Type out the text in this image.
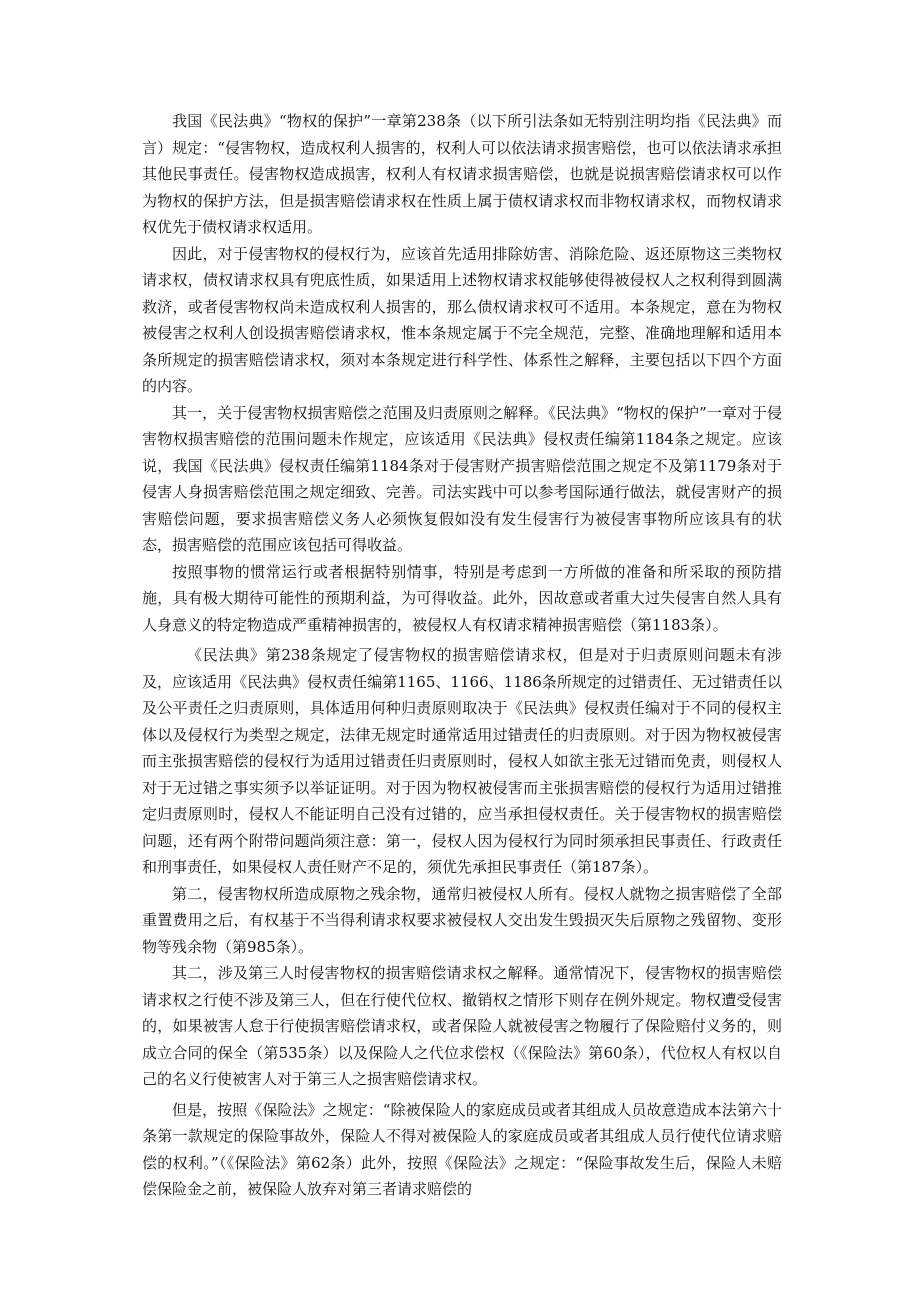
我国《民法典》“物权的保护”一章第238条（以下所引法条如无特别注明均指《民法典》而言）规定：“侵害物权，造成权利人损害的，权利人可以依法请求损害赔偿，也可以依法请求承担其他民事责任。侵害物权造成损害，权利人有权请求损害赔偿，也就是说损害赔偿请求权可以作为物权的保护方法，但是损害赔偿请求权在性质上属于债权请求权而非物权请求权，而物权请求权优先于债权请求权适用。

因此，对于侵害物权的侵权行为，应该首先适用排除妨害、消除危险、返还原物这三类物权请求权，债权请求权具有兜底性质，如果适用上述物权请求权能够使得被侵权人之权利得到圆满救济，或者侵害物权尚未造成权利人损害的，那么债权请求权可不适用。本条规定，意在为物权被侵害之权利人创设损害赔偿请求权，惟本条规定属于不完全规范，完整、准确地理解和适用本条所规定的损害赔偿请求权，须对本条规定进行科学性、体系性之解释，主要包括以下四个方面的内容。

其一，关于侵害物权损害赔偿之范围及归责原则之解释。《民法典》“物权的保护”一章对于侵害物权损害赔偿的范围问题未作规定，应该适用《民法典》侵权责任编第1184条之规定。应该说，我国《民法典》侵权责任编第1184条对于侵害财产损害赔偿范围之规定不及第1179条对于侵害人身损害赔偿范围之规定细致、完善。司法实践中可以参考国际通行做法，就侵害财产的损害赔偿问题，要求损害赔偿义务人必须恢复假如没有发生侵害行为被侵害事物所应该具有的状态，损害赔偿的范围应该包括可得收益。

按照事物的惯常运行或者根据特别情事，特别是考虑到一方所做的准备和所采取的预防措施，具有极大期待可能性的预期利益，为可得收益。此外，因故意或者重大过失侵害自然人具有人身意义的特定物造成严重精神损害的，被侵权人有权请求精神损害赔偿（第1183条）。

《民法典》第238条规定了侵害物权的损害赔偿请求权，但是对于归责原则问题未有涉及，应该适用《民法典》侵权责任编第1165、1166、1186条所规定的过错责任、无过错责任以及公平责任之归责原则，具体适用何种归责原则取决于《民法典》侵权责任编对于不同的侵权主体以及侵权行为类型之规定，法律无规定时通常适用过错责任的归责原则。对于因为物权被侵害而主张损害赔偿的侵权行为适用过错责任归责原则时，侵权人如欲主张无过错而免责，则侵权人对于无过错之事实须予以举证证明。对于因为物权被侵害而主张损害赔偿的侵权行为适用过错推定归责原则时，侵权人不能证明自己没有过错的，应当承担侵权责任。关于侵害物权的损害赔偿问题，还有两个附带问题尚须注意：第一，侵权人因为侵权行为同时须承担民事责任、行政责任和刑事责任，如果侵权人责任财产不足的，须优先承担民事责任（第187条）。

第二，侵害物权所造成原物之残余物，通常归被侵权人所有。侵权人就物之损害赔偿了全部重置费用之后，有权基于不当得利请求权要求被侵权人交出发生毁损灭失后原物之残留物、变形物等残余物（第985条）。

其二，涉及第三人时侵害物权的损害赔偿请求权之解释。通常情况下，侵害物权的损害赔偿请求权之行使不涉及第三人，但在行使代位权、撤销权之情形下则存在例外规定。物权遭受侵害的，如果被害人怠于行使损害赔偿请求权，或者保险人就被侵害之物履行了保险赔付义务的，则成立合同的保全（第535条）以及保险人之代位求偿权（《保险法》第60条），代位权人有权以自己的名义行使被害人对于第三人之损害赔偿请求权。

但是，按照《保险法》之规定：“除被保险人的家庭成员或者其组成人员故意造成本法第六十条第一款规定的保险事故外，保险人不得对被保险人的家庭成员或者其组成人员行使代位请求赔偿的权利。”（《保险法》第62条）此外，按照《保险法》之规定：“保险事故发生后，保险人未赔偿保险金之前，被保险人放弃对第三者请求赔偿的
